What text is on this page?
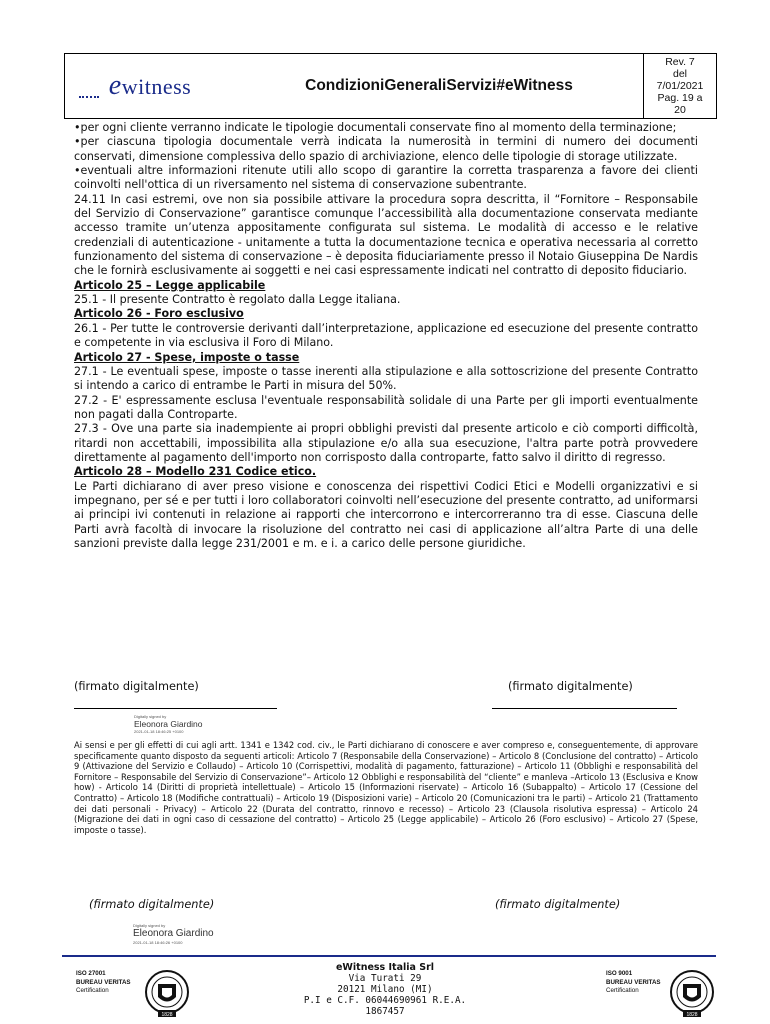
ewitness	CondizioniGeneraliServizi#eWitness
Rev. 7
del
7/01/2021
Pag. 19 a
20

•per ogni cliente verranno indicate le tipologie documentali conservate fino al momento della terminazione;

•per ciascuna tipologia documentale verrà indicata la numerosità in termini di numero dei documenti conservati, dimensione complessiva dello spazio di archiviazione, elenco delle tipologie di storage utilizzate.

•eventuali altre informazioni ritenute utili allo scopo di garantire la corretta trasparenza a favore dei clienti coinvolti nell'ottica di un riversamento nel sistema di conservazione subentrante.

24.11 In casi estremi, ove non sia possibile attivare la procedura sopra descritta, il “Fornitore – Responsabile del Servizio di Conservazione” garantisce comunque l’accessibilità alla documentazione conservata mediante accesso tramite un’utenza appositamente configurata sul sistema. Le modalità di accesso e le relative credenziali di autenticazione - unitamente a tutta la documentazione tecnica e operativa necessaria al corretto funzionamento del sistema di conservazione – è deposita fiduciariamente presso il Notaio Giuseppina De Nardis che le fornirà esclusivamente ai soggetti e nei casi espressamente indicati nel contratto di deposito fiduciario.

Articolo 25 – Legge applicabile

25.1 - Il presente Contratto è regolato dalla Legge italiana.

Articolo 26 - Foro esclusivo

26.1 - Per tutte le controversie derivanti dall’interpretazione, applicazione ed esecuzione del presente contratto e competente in via esclusiva il Foro di Milano.

Articolo 27 - Spese, imposte o tasse

27.1 - Le eventuali spese, imposte o tasse inerenti alla stipulazione e alla sottoscrizione del presente Contratto si intendo a carico di entrambe le Parti in misura del 50%.

27.2 - E' espressamente esclusa l'eventuale responsabilità solidale di una Parte per gli importi eventualmente non pagati dalla Controparte.

27.3 - Ove una parte sia inadempiente ai propri obblighi previsti dal presente articolo e ciò comporti difficoltà, ritardi non accettabili, impossibilita alla stipulazione e/o alla sua esecuzione, l'altra parte potrà provvedere direttamente al pagamento dell'importo non corrisposto dalla controparte, fatto salvo il diritto di regresso.

Articolo 28 – Modello 231 Codice etico.

Le Parti dichiarano di aver preso visione e conoscenza dei rispettivi Codici Etici e Modelli organizzativi e si impegnano, per sé e per tutti i loro collaboratori coinvolti nell’esecuzione del presente contratto, ad uniformarsi ai principi ivi contenuti in relazione ai rapporti che intercorrono e intercorreranno tra di esse. Ciascuna delle Parti avrà facoltà di invocare la risoluzione del contratto nei casi di applicazione all’altra Parte di una delle sanzioni previste dalla legge 231/2001 e m. e i. a carico delle persone giuridiche.

(firmato digitalmente)	(firmato digitalmente)
Digitally signed by
Eleonora Giardino
2021-01-18 18:46:25 +0100
Ai sensi e per gli effetti di cui agli artt. 1341 e 1342 cod. civ., le Parti dichiarano di conoscere e aver compreso e, conseguentemente, di approvare specificamente quanto disposto da seguenti articoli: Articolo 7 (Responsabile della Conservazione) – Articolo 8 (Conclusione del contratto) – Articolo 9 (Attivazione del Servizio e Collaudo) – Articolo 10 (Corrispettivi, modalità di pagamento, fatturazione) – Articolo 11 (Obblighi e responsabilità del Fornitore – Responsabile del Servizio di Conservazione”– Articolo 12 Obblighi e responsabilità del “cliente” e manleva –Articolo 13 (Esclusiva e Know how) - Articolo 14 (Diritti di proprietà intellettuale) – Articolo 15 (Informazioni riservate) – Articolo 16 (Subappalto) – Articolo 17 (Cessione del Contratto) – Articolo 18 (Modifiche contrattuali) – Articolo 19 (Disposizioni varie) – Articolo 20 (Comunicazioni tra le parti) – Articolo 21 (Trattamento dei dati personali - Privacy) – Articolo 22 (Durata del contratto, rinnovo e recesso) – Articolo 23 (Clausola risolutiva espressa) – Articolo 24 (Migrazione dei dati in ogni caso di cessazione del contratto) – Articolo 25 (Legge applicabile) – Articolo 26 (Foro esclusivo) – Articolo 27 (Spese, imposte o tasse).
(firmato digitalmente)	(firmato digitalmente)
Digitally signed by
Eleonora Giardino
2021-01-18 18:46:26 +0100
ISO 27001
BUREAU VERITAS
Certification
1828
eWitness Italia Srl
Via Turati 29
20121 Milano (MI)
P.I e C.F. 06044690961 R.E.A.
1867457
ISO 9001
BUREAU VERITAS
Certification
1828
